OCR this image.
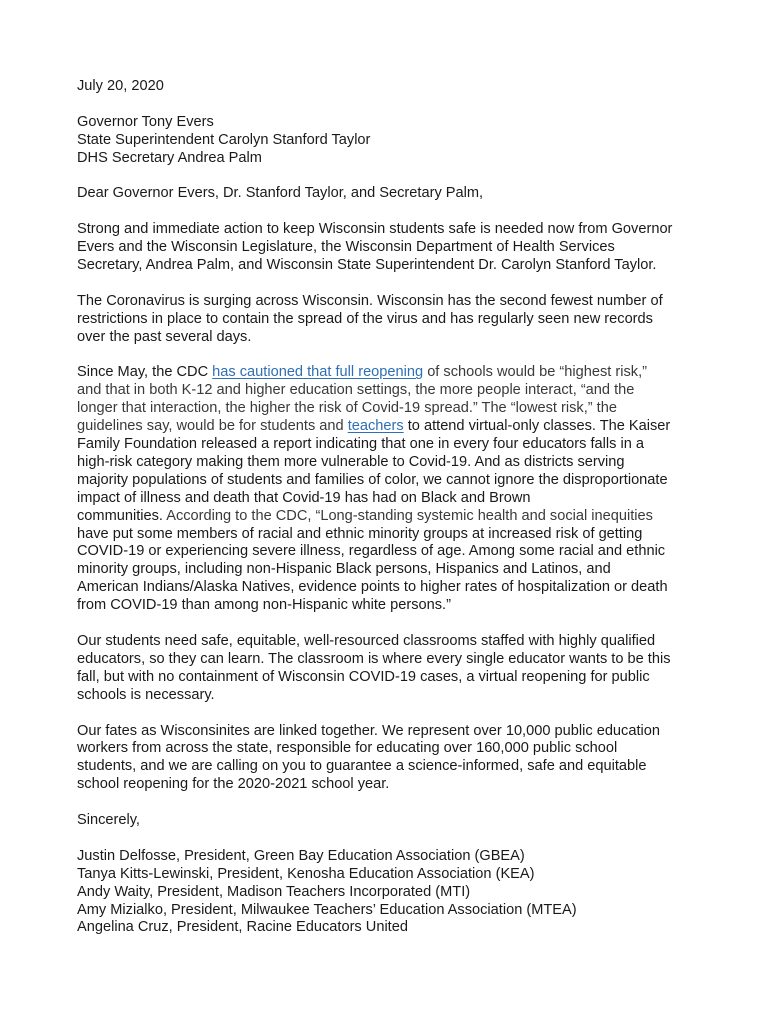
July 20, 2020

Governor Tony Evers
State Superintendent Carolyn Stanford Taylor
DHS Secretary Andrea Palm

Dear Governor Evers, Dr. Stanford Taylor, and Secretary Palm,

Strong and immediate action to keep Wisconsin students safe is needed now from Governor
Evers and the Wisconsin Legislature, the Wisconsin Department of Health Services
Secretary, Andrea Palm, and Wisconsin State Superintendent Dr. Carolyn Stanford Taylor.
The Coronavirus is surging across Wisconsin. Wisconsin has the second fewest number of
restrictions in place to contain the spread of the virus and has regularly seen new records
over the past several days.
Since May, the CDC has cautioned that full reopening of schools would be “highest risk,”
and that in both K-12 and higher education settings, the more people interact, “and the
longer that interaction, the higher the risk of Covid-19 spread.” The “lowest risk,” the
guidelines say, would be for students and teachers to attend virtual-only classes. The Kaiser
Family Foundation released a report indicating that one in every four educators falls in a
high-risk category making them more vulnerable to Covid-19. And as districts serving
majority populations of students and families of color, we cannot ignore the disproportionate
impact of illness and death that Covid-19 has had on Black and Brown
communities. According to the CDC, “Long-standing systemic health and social inequities
have put some members of racial and ethnic minority groups at increased risk of getting
COVID-19 or experiencing severe illness, regardless of age. Among some racial and ethnic
minority groups, including non-Hispanic Black persons, Hispanics and Latinos, and
American Indians/Alaska Natives, evidence points to higher rates of hospitalization or death
from COVID-19 than among non-Hispanic white persons.”
Our students need safe, equitable, well-resourced classrooms staffed with highly qualified
educators, so they can learn. The classroom is where every single educator wants to be this
fall, but with no containment of Wisconsin COVID-19 cases, a virtual reopening for public
schools is necessary.
Our fates as Wisconsinites are linked together. We represent over 10,000 public education
workers from across the state, responsible for educating over 160,000 public school
students, and we are calling on you to guarantee a science-informed, safe and equitable
school reopening for the 2020-2021 school year.

Sincerely,

Justin Delfosse, President, Green Bay Education Association (GBEA)
Tanya Kitts-Lewinski, President, Kenosha Education Association (KEA)
Andy Waity, President, Madison Teachers Incorporated (MTI)
Amy Mizialko, President, Milwaukee Teachers’ Education Association (MTEA)
Angelina Cruz, President, Racine Educators United
